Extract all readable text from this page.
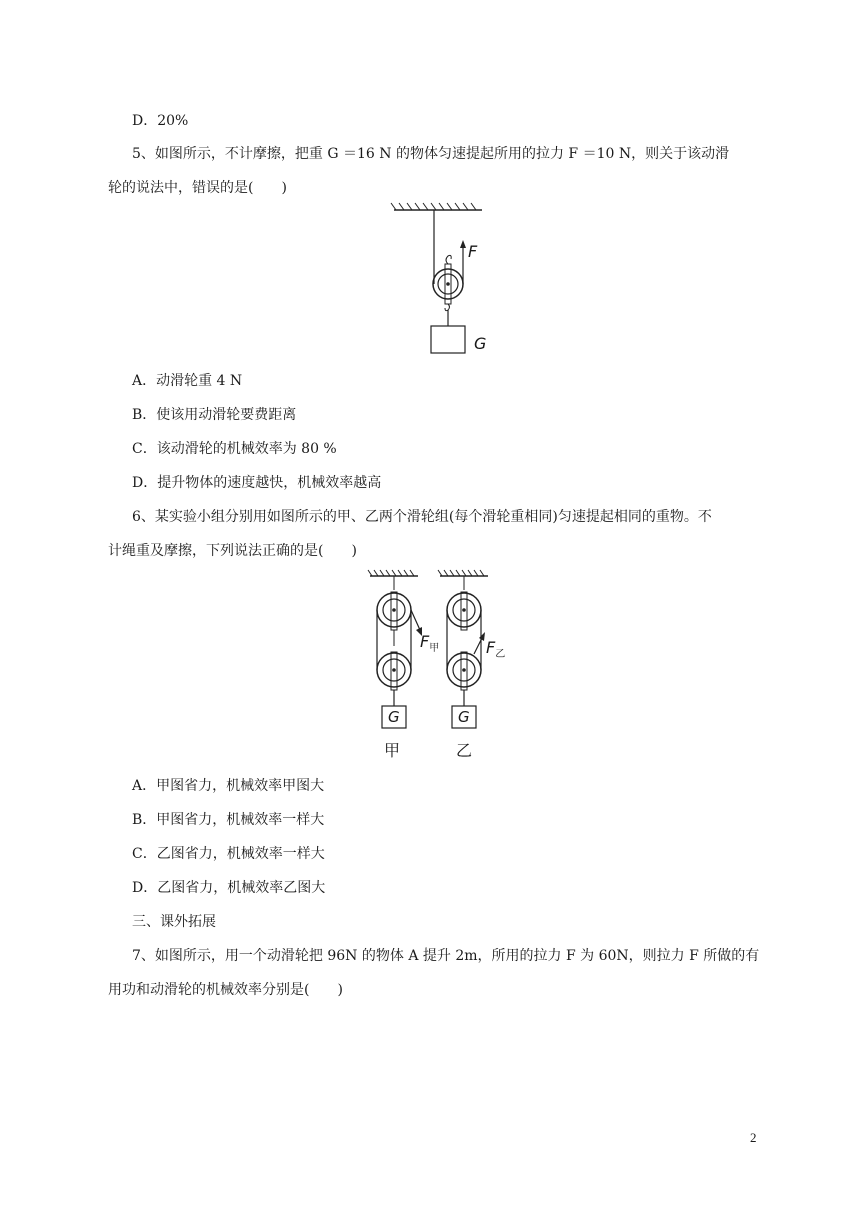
D．20%
5、如图所示，不计摩擦，把重 G ＝16 N 的物体匀速提起所用的拉力 F ＝10 N，则关于该动滑
轮的说法中，错误的是(　　)
F
G
A．动滑轮重 4 N
B．使该用动滑轮要费距离
C．该动滑轮的机械效率为 80 %
D．提升物体的速度越快，机械效率越高
6、某实验小组分别用如图所示的甲、乙两个滑轮组(每个滑轮重相同)匀速提起相同的重物。不
计绳重及摩擦，下列说法正确的是(　　)
$F_甲$	$F_乙$
G	G
甲	乙
A．甲图省力，机械效率甲图大
B．甲图省力，机械效率一样大
C．乙图省力，机械效率一样大
D．乙图省力，机械效率乙图大
三、课外拓展
7、如图所示，用一个动滑轮把 96N 的物体 A 提升 2m，所用的拉力 F 为 60N，则拉力 F 所做的有
用功和动滑轮的机械效率分别是(　　)
2
